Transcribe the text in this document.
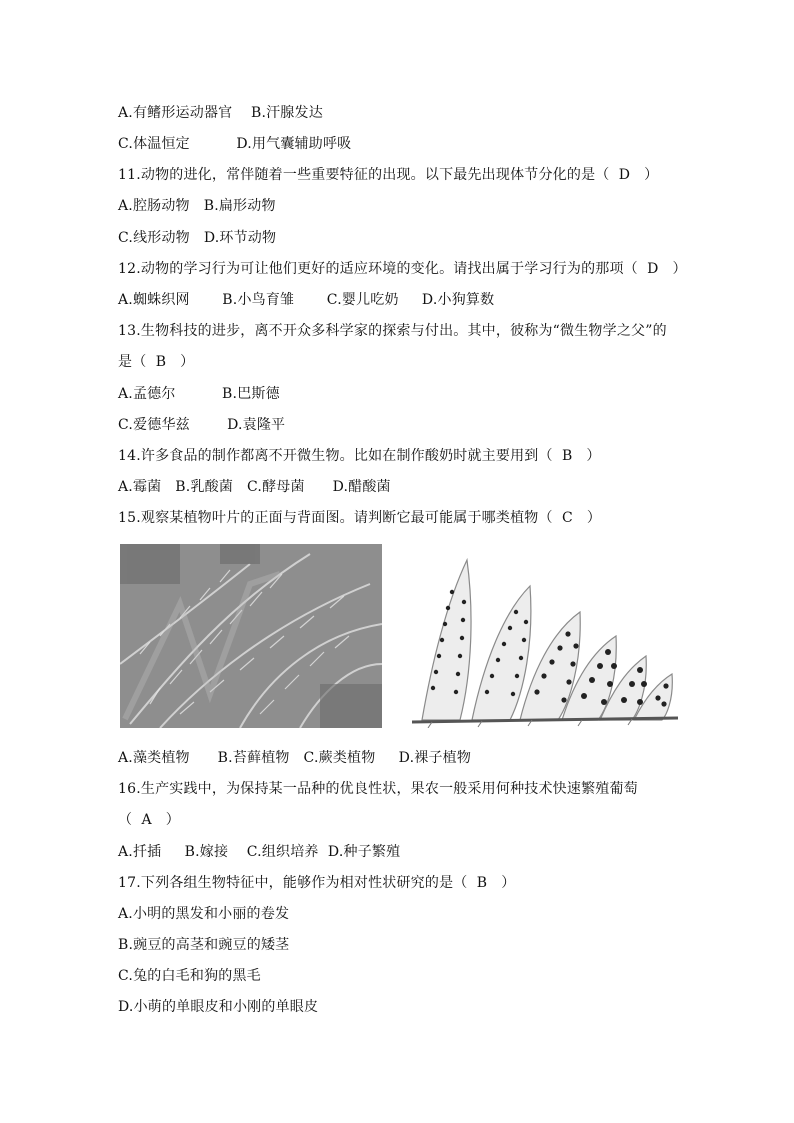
A.有鳍形运动器官    B.汗腺发达
C.体温恒定          D.用气囊辅助呼吸
11.动物的进化，常伴随着一些重要特征的出现。以下最先出现体节分化的是（  D   ）
A.腔肠动物   B.扁形动物
C.线形动物   D.环节动物
12.动物的学习行为可让他们更好的适应环境的变化。请找出属于学习行为的那项（  D   ）
A.蜘蛛织网       B.小鸟育雏       C.婴儿吃奶     D.小狗算数
13.生物科技的进步，离不开众多科学家的探索与付出。其中，彼称为“微生物学之父”的
是（  B   ）
A.孟德尔          B.巴斯德
C.爱德华兹        D.袁隆平
14.许多食品的制作都离不开微生物。比如在制作酸奶时就主要用到（  B   ）
A.霉菌   B.乳酸菌   C.酵母菌      D.醋酸菌
15.观察某植物叶片的正面与背面图。请判断它最可能属于哪类植物（  C   ）
A.藻类植物      B.苔藓植物   C.蕨类植物     D.裸子植物
16.生产实践中，为保持某一品种的优良性状，果农一般采用何种技术快速繁殖葡萄
（  A   ）
A.扦插     B.嫁接    C.组织培养  D.种子繁殖
17.下列各组生物特征中，能够作为相对性状研究的是（  B   ）
A.小明的黑发和小丽的卷发
B.豌豆的高茎和豌豆的矮茎
C.兔的白毛和狗的黑毛
D.小萌的单眼皮和小刚的单眼皮
